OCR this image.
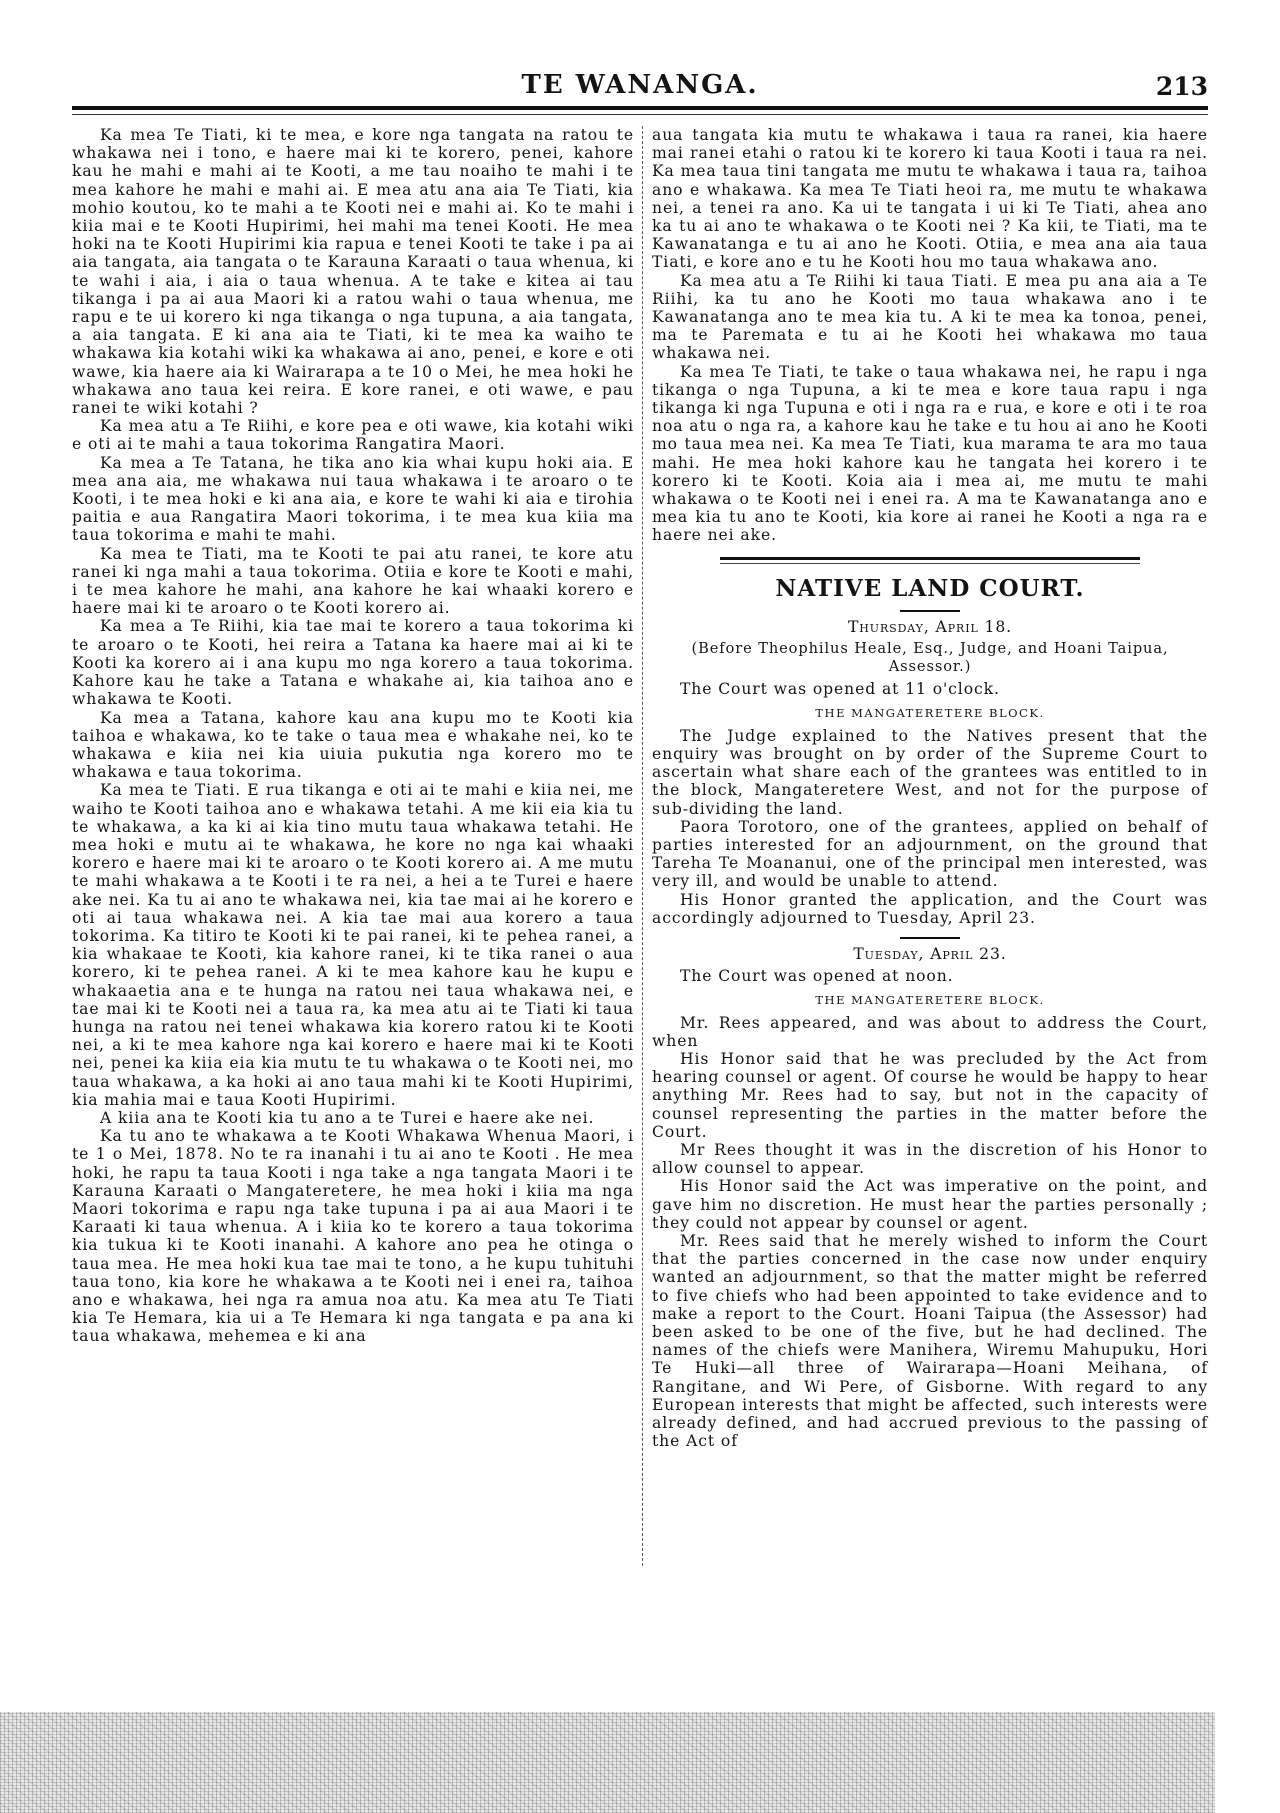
TE WANANGA.	213

Ka mea Te Tiati, ki te mea, e kore nga tangata na ratou te whakawa nei i tono, e haere mai ki te korero, penei, kahore kau he mahi e mahi ai te Kooti, a me tau noaiho te mahi i te mea kahore he mahi e mahi ai. E mea atu ana aia Te Tiati, kia mohio koutou, ko te mahi a te Kooti nei e mahi ai. Ko te mahi i kiia mai e te Kooti Hupirimi, hei mahi ma tenei Kooti. He mea hoki na te Kooti Hupirimi kia rapua e tenei Kooti te take i pa ai aia tangata, aia tangata o te Karauna Karaati o taua whenua, ki te wahi i aia, i aia o taua whenua. A te take e kitea ai tau tikanga i pa ai aua Maori ki a ratou wahi o taua whenua, me rapu e te ui korero ki nga tikanga o nga tupuna, a aia tangata, a aia tangata. E ki ana aia te Tiati, ki te mea ka waiho te whakawa kia kotahi wiki ka whakawa ai ano, penei, e kore e oti wawe, kia haere aia ki Wairarapa a te 10 o Mei, he mea hoki he whakawa ano taua kei reira. E kore ranei, e oti wawe, e pau ranei te wiki kotahi ?

Ka mea atu a Te Riihi, e kore pea e oti wawe, kia kotahi wiki e oti ai te mahi a taua tokorima Rangatira Maori.

Ka mea a Te Tatana, he tika ano kia whai kupu hoki aia. E mea ana aia, me whakawa nui taua whakawa i te aroaro o te Kooti, i te mea hoki e ki ana aia, e kore te wahi ki aia e tirohia paitia e aua Rangatira Maori tokorima, i te mea kua kiia ma taua tokorima e mahi te mahi.

Ka mea te Tiati, ma te Kooti te pai atu ranei, te kore atu ranei ki nga mahi a taua tokorima. Otiia e kore te Kooti e mahi, i te mea kahore he mahi, ana kahore he kai whaaki korero e haere mai ki te aroaro o te Kooti korero ai.

Ka mea a Te Riihi, kia tae mai te korero a taua tokorima ki te aroaro o te Kooti, hei reira a Tatana ka haere mai ai ki te Kooti ka korero ai i ana kupu mo nga korero a taua tokorima. Kahore kau he take a Tatana e whakahe ai, kia taihoa ano e whakawa te Kooti.

Ka mea a Tatana, kahore kau ana kupu mo te Kooti kia taihoa e whakawa, ko te take o taua mea e whakahe nei, ko te whakawa e kiia nei kia uiuia pukutia nga korero mo te whakawa e taua tokorima.

Ka mea te Tiati. E rua tikanga e oti ai te mahi e kiia nei, me waiho te Kooti taihoa ano e whakawa tetahi. A me kii eia kia tu te whakawa, a ka ki ai kia tino mutu taua whakawa tetahi. He mea hoki e mutu ai te whakawa, he kore no nga kai whaaki korero e haere mai ki te aroaro o te Kooti korero ai. A me mutu te mahi whakawa a te Kooti i te ra nei, a hei a te Turei e haere ake nei. Ka tu ai ano te whakawa nei, kia tae mai ai he korero e oti ai taua whakawa nei. A kia tae mai aua korero a taua tokorima. Ka titiro te Kooti ki te pai ranei, ki te pehea ranei, a kia whakaae te Kooti, kia kahore ranei, ki te tika ranei o aua korero, ki te pehea ranei. A ki te mea kahore kau he kupu e whakaaetia ana e te hunga na ratou nei taua whakawa nei, e tae mai ki te Kooti nei a taua ra, ka mea atu ai te Tiati ki taua hunga na ratou nei tenei whakawa kia korero ratou ki te Kooti nei, a ki te mea kahore nga kai korero e haere mai ki te Kooti nei, penei ka kiia eia kia mutu te tu whakawa o te Kooti nei, mo taua whakawa, a ka hoki ai ano taua mahi ki te Kooti Hupirimi, kia mahia mai e taua Kooti Hupirimi.

A kiia ana te Kooti kia tu ano a te Turei e haere ake nei.

Ka tu ano te whakawa a te Kooti Whakawa Whenua Maori, i te 1 o Mei, 1878. No te ra inanahi i tu ai ano te Kooti . He mea hoki, he rapu ta taua Kooti i nga take a nga tangata Maori i te Karauna Karaati o Mangateretere, he mea hoki i kiia ma nga Maori tokorima e rapu nga take tupuna i pa ai aua Maori i te Karaati ki taua whenua. A i kiia ko te korero a taua tokorima kia tukua ki te Kooti inanahi. A kahore ano pea he otinga o taua mea. He mea hoki kua tae mai te tono, a he kupu tuhituhi taua tono, kia kore he whakawa a te Kooti nei i enei ra, taihoa ano e whakawa, hei nga ra amua noa atu. Ka mea atu Te Tiati kia Te Hemara, kia ui a Te Hemara ki nga tangata e pa ana ki taua whakawa, mehemea e ki ana

aua tangata kia mutu te whakawa i taua ra ranei, kia haere mai ranei etahi o ratou ki te korero ki taua Kooti i taua ra nei. Ka mea taua tini tangata me mutu te whakawa i taua ra, taihoa ano e whakawa. Ka mea Te Tiati heoi ra, me mutu te whakawa nei, a tenei ra ano. Ka ui te tangata i ui ki Te Tiati, ahea ano ka tu ai ano te whakawa o te Kooti nei ? Ka kii, te Tiati, ma te Kawanatanga e tu ai ano he Kooti. Otiia, e mea ana aia taua Tiati, e kore ano e tu he Kooti hou mo taua whakawa ano.

Ka mea atu a Te Riihi ki taua Tiati. E mea pu ana aia a Te Riihi, ka tu ano he Kooti mo taua whakawa ano i te Kawanatanga ano te mea kia tu. A ki te mea ka tonoa, penei, ma te Paremata e tu ai he Kooti hei whakawa mo taua whakawa nei.

Ka mea Te Tiati, te take o taua whakawa nei, he rapu i nga tikanga o nga Tupuna, a ki te mea e kore taua rapu i nga tikanga ki nga Tupuna e oti i nga ra e rua, e kore e oti i te roa noa atu o nga ra, a kahore kau he take e tu hou ai ano he Kooti mo taua mea nei. Ka mea Te Tiati, kua marama te ara mo taua mahi. He mea hoki kahore kau he tangata hei korero i te korero ki te Kooti. Koia aia i mea ai, me mutu te mahi whakawa o te Kooti nei i enei ra. A ma te Kawanatanga ano e mea kia tu ano te Kooti, kia kore ai ranei he Kooti a nga ra e haere nei ake.

NATIVE LAND COURT.

Thursday, April 18.

(Before Theophilus Heale, Esq., Judge, and Hoani Taipua, Assessor.)

The Court was opened at 11 o'clock.

THE MANGATERETERE BLOCK.

The Judge explained to the Natives present that the enquiry was brought on by order of the Supreme Court to ascertain what share each of the grantees was entitled to in the block, Mangateretere West, and not for the purpose of sub-dividing the land.

Paora Torotoro, one of the grantees, applied on behalf of parties interested for an adjournment, on the ground that Tareha Te Moananui, one of the principal men interested, was very ill, and would be unable to attend.

His Honor granted the application, and the Court was accordingly adjourned to Tuesday, April 23.

Tuesday, April 23.

The Court was opened at noon.

THE MANGATERETERE BLOCK.

Mr. Rees appeared, and was about to address the Court, when

His Honor said that he was precluded by the Act from hearing counsel or agent. Of course he would be happy to hear anything Mr. Rees had to say, but not in the capacity of counsel representing the parties in the matter before the Court.

Mr Rees thought it was in the discretion of his Honor to allow counsel to appear.

His Honor said the Act was imperative on the point, and gave him no discretion. He must hear the parties personally ; they could not appear by counsel or agent.

Mr. Rees said that he merely wished to inform the Court that the parties concerned in the case now under enquiry wanted an adjournment, so that the matter might be referred to five chiefs who had been appointed to take evidence and to make a report to the Court. Hoani Taipua (the Assessor) had been asked to be one of the five, but he had declined. The names of the chiefs were Manihera, Wiremu Mahupuku, Hori Te Huki—all three of Wairarapa—Hoani Meihana, of Rangitane, and Wi Pere, of Gisborne. With regard to any European interests that might be affected, such interests were already defined, and had accrued previous to the passing of the Act of
